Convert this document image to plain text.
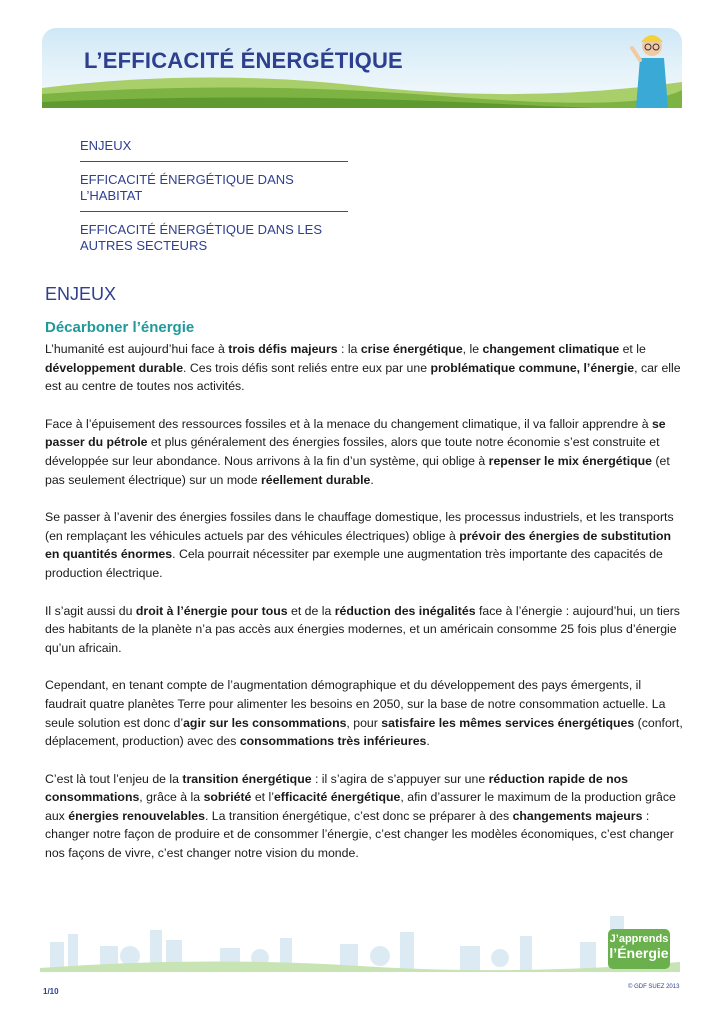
L’EFFICACITÉ ÉNERGÉTIQUE
ENJEUX
EFFICACITÉ ÉNERGÉTIQUE DANS L’HABITAT
EFFICACITÉ ÉNERGÉTIQUE DANS LES AUTRES SECTEURS
ENJEUX
Décarboner l’énergie

L’humanité est aujourd’hui face à trois défis majeurs : la crise énergétique, le changement climatique et le développement durable. Ces trois défis sont reliés entre eux par une problématique commune, l’énergie, car elle est au centre de toutes nos activités.

Face à l’épuisement des ressources fossiles et à la menace du changement climatique, il va falloir apprendre à se passer du pétrole et plus généralement des énergies fossiles, alors que toute notre économie s’est construite et développée sur leur abondance. Nous arrivons à la fin d’un système, qui oblige à repenser le mix énergétique (et pas seulement électrique) sur un mode réellement durable.

Se passer à l’avenir des énergies fossiles dans le chauffage domestique, les processus industriels, et les transports (en remplaçant les véhicules actuels par des véhicules électriques) oblige à prévoir des énergies de substitution en quantités énormes. Cela pourrait nécessiter par exemple une augmentation très importante des capacités de production électrique.

Il s’agit aussi du droit à l’énergie pour tous et de la réduction des inégalités face à l’énergie : aujourd’hui, un tiers des habitants de la planète n’a pas accès aux énergies modernes, et un américain consomme 25 fois plus d’énergie qu’un africain.

Cependant, en tenant compte de l’augmentation démographique et du développement des pays émergents, il faudrait quatre planètes Terre pour alimenter les besoins en 2050, sur la base de notre consommation actuelle. La seule solution est donc d’agir sur les consommations, pour satisfaire les mêmes services énergétiques (confort, déplacement, production) avec des consommations très inférieures.

C’est là tout l’enjeu de la transition énergétique : il s’agira de s’appuyer sur une réduction rapide de nos consommations, grâce à la sobriété et l’efficacité énergétique, afin d’assurer le maximum de la production grâce aux énergies renouvelables. La transition énergétique, c’est donc se préparer à des changements majeurs : changer notre façon de produire et de consommer l’énergie, c’est changer les modèles économiques, c’est changer nos façons de vivre, c’est changer notre vision du monde.

J’apprends
l’Énergie
1/10	© GDF SUEZ 2013
